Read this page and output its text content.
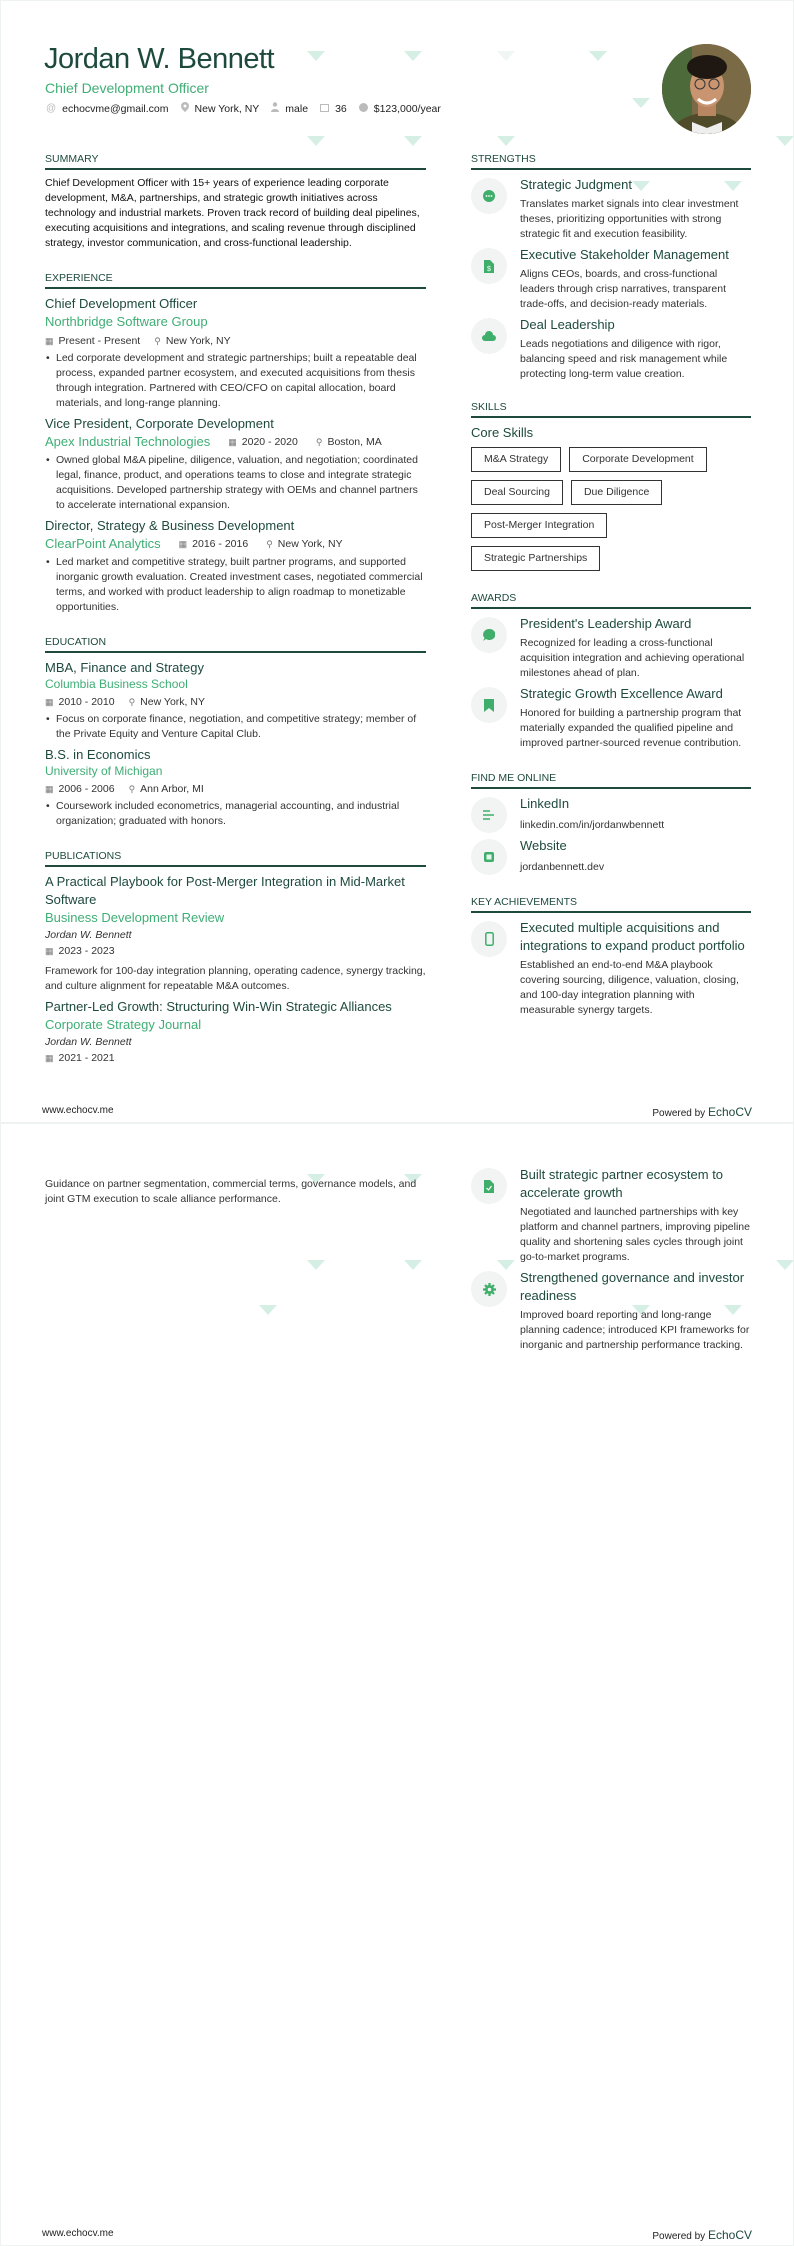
Jordan W. Bennett
Chief Development Officer
@ echocvme@gmail.com New York, NY male	36	$123,000/year
SUMMARY
Chief Development Officer with 15+ years of experience leading corporate development, M&A, partnerships, and strategic growth initiatives across technology and industrial markets. Proven track record of building deal pipelines, executing acquisitions and integrations, and scaling revenue through disciplined strategy, investor communication, and cross-functional leadership.
EXPERIENCE
Chief Development Officer
Northbridge Software Group
▦ Present - Present ⚲ New York, NY
• Led corporate development and strategic partnerships; built a repeatable deal process, expanded partner ecosystem, and executed acquisitions from thesis through integration. Partnered with CEO/CFO on capital allocation, board materials, and long-range planning.
Vice President, Corporate Development
Apex Industrial Technologies ▦ 2020 - 2020 ⚲ Boston, MA
• Owned global M&A pipeline, diligence, valuation, and negotiation; coordinated legal, finance, product, and operations teams to close and integrate strategic acquisitions. Developed partnership strategy with OEMs and channel partners to accelerate international expansion.
Director, Strategy & Business Development
ClearPoint Analytics ▦ 2016 - 2016 ⚲ New York, NY
• Led market and competitive strategy, built partner programs, and supported inorganic growth evaluation. Created investment cases, negotiated commercial terms, and worked with product leadership to align roadmap to monetizable opportunities.
EDUCATION
MBA, Finance and Strategy
Columbia Business School
▦ 2010 - 2010 ⚲ New York, NY
• Focus on corporate finance, negotiation, and competitive strategy; member of the Private Equity and Venture Capital Club.
B.S. in Economics
University of Michigan
▦ 2006 - 2006 ⚲ Ann Arbor, MI
• Coursework included econometrics, managerial accounting, and industrial organization; graduated with honors.
PUBLICATIONS
A Practical Playbook for Post-Merger Integration in Mid-Market Software
Business Development Review
Jordan W. Bennett
▦ 2023 - 2023
Framework for 100-day integration planning, operating cadence, synergy tracking, and culture alignment for repeatable M&A outcomes.
Partner-Led Growth: Structuring Win-Win Strategic Alliances
Corporate Strategy Journal
Jordan W. Bennett
▦ 2021 - 2021
STRENGTHS
Strategic Judgment
Translates market signals into clear investment theses, prioritizing opportunities with strong strategic fit and execution feasibility.
$
Executive Stakeholder Management
Aligns CEOs, boards, and cross-functional leaders through crisp narratives, transparent trade-offs, and decision-ready materials.
Deal Leadership
Leads negotiations and diligence with rigor, balancing speed and risk management while protecting long-term value creation.
SKILLS
Core Skills
M&A Strategy	Corporate Development
Deal Sourcing	Due Diligence
Post-Merger Integration
Strategic Partnerships
AWARDS
President's Leadership Award
Recognized for leading a cross-functional acquisition integration and achieving operational milestones ahead of plan.
Strategic Growth Excellence Award
Honored for building a partnership program that materially expanded the qualified pipeline and improved partner-sourced revenue contribution.
FIND ME ONLINE
LinkedIn
linkedin.com/in/jordanwbennett
Website
jordanbennett.dev
KEY ACHIEVEMENTS
Executed multiple acquisitions and integrations to expand product portfolio
Established an end-to-end M&A playbook covering sourcing, diligence, valuation, closing, and 100-day integration planning with measurable synergy targets.
www.echocv.me	Powered by EchoCV
Guidance on partner segmentation, commercial terms, governance models, and joint GTM execution to scale alliance performance.
Built strategic partner ecosystem to accelerate growth
Negotiated and launched partnerships with key platform and channel partners, improving pipeline quality and shortening sales cycles through joint go-to-market programs.
Strengthened governance and investor readiness
Improved board reporting and long-range planning cadence; introduced KPI frameworks for inorganic and partnership performance tracking.
www.echocv.me	Powered by EchoCV
